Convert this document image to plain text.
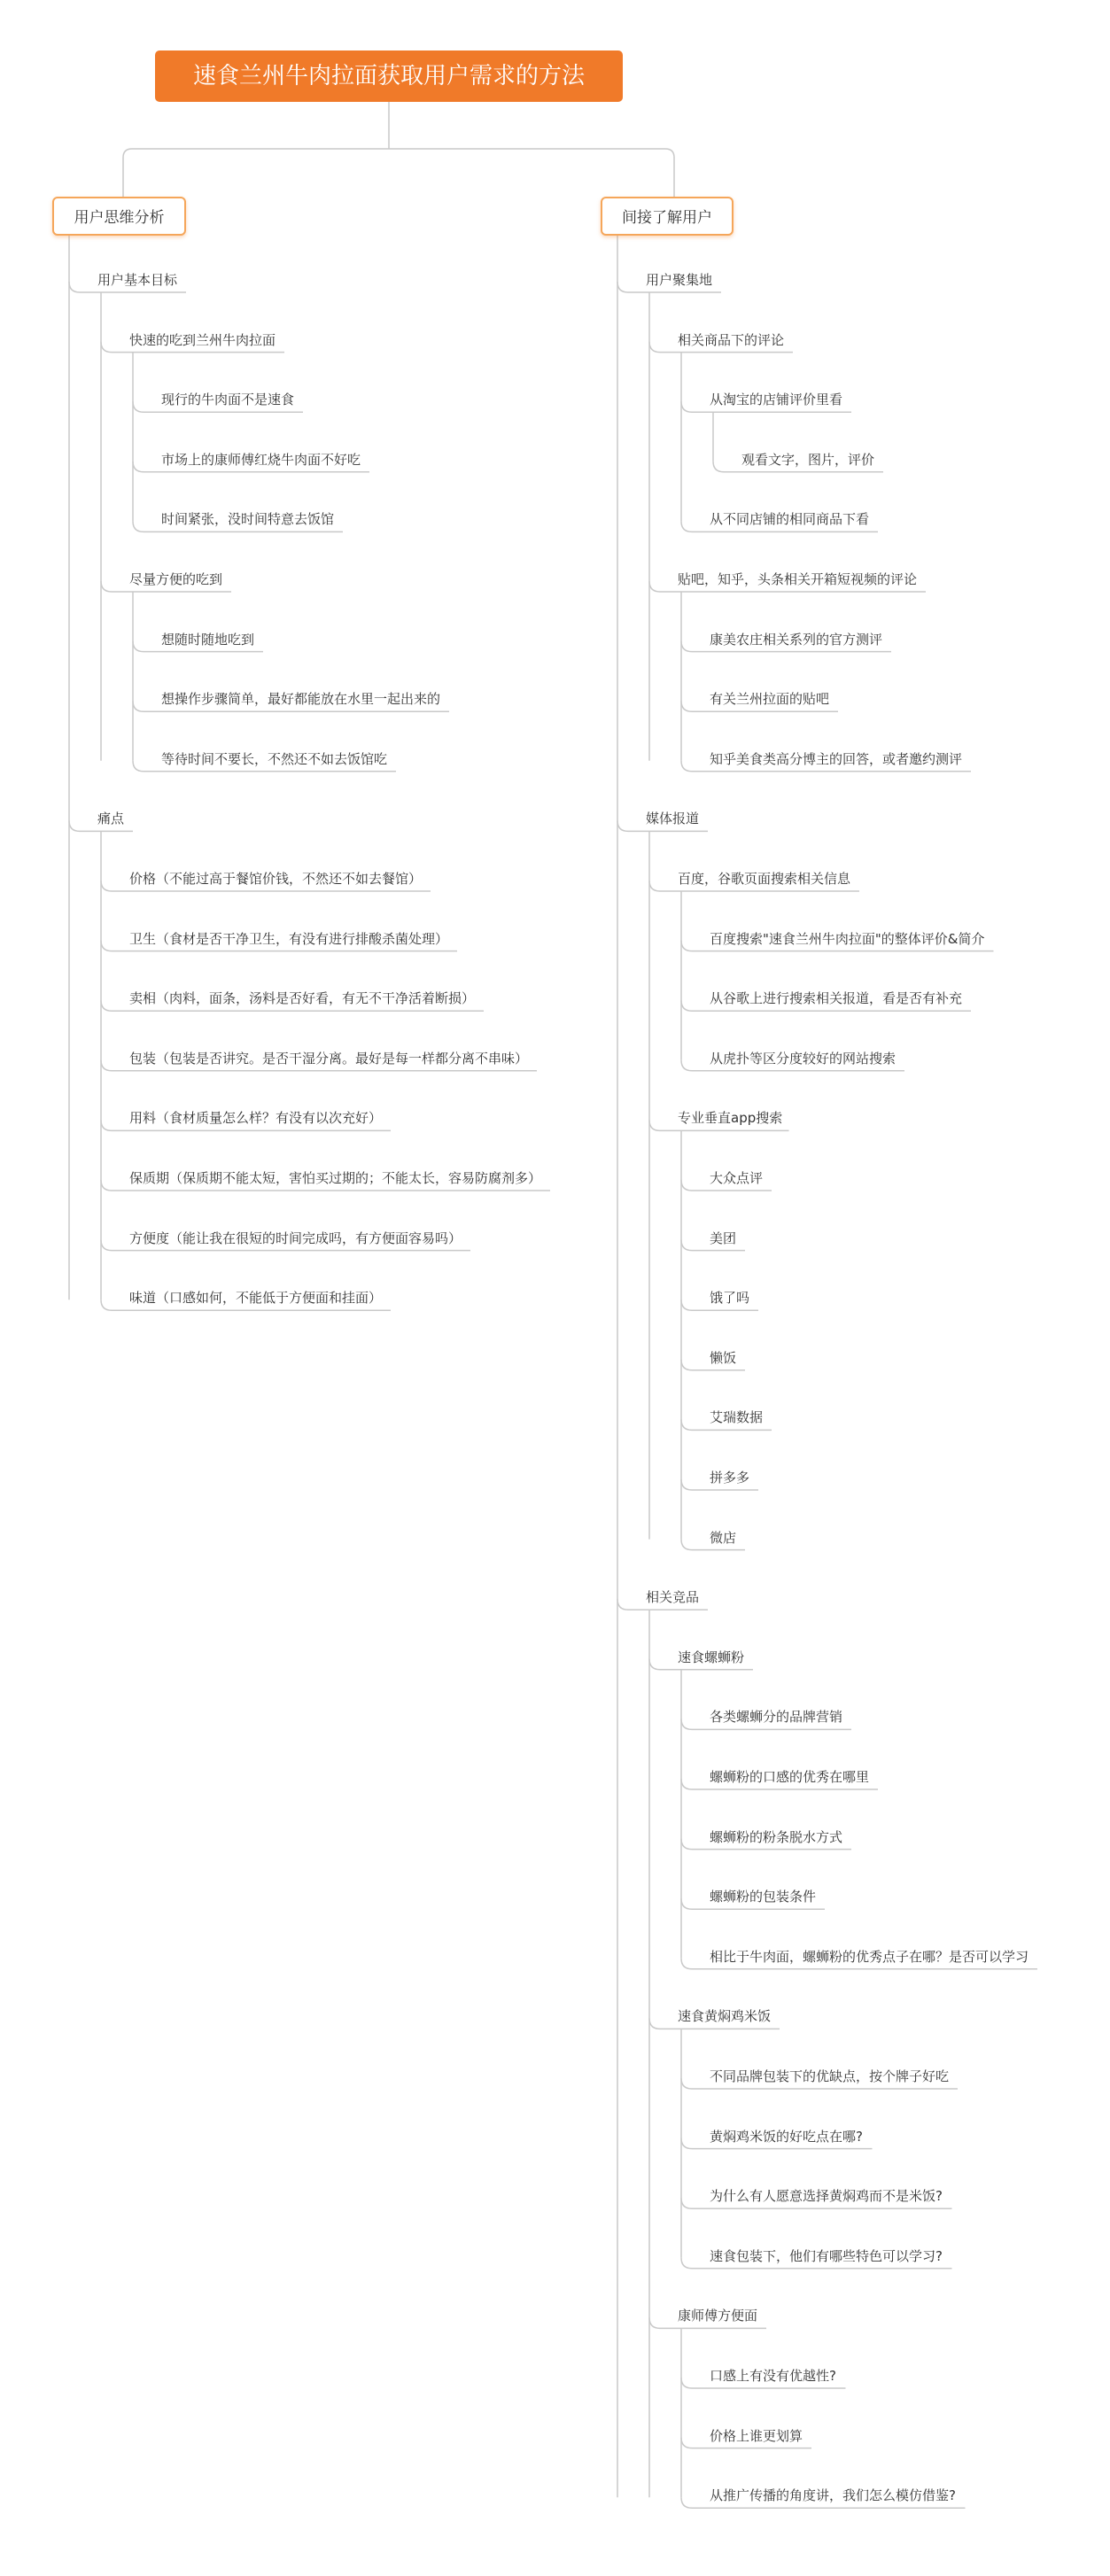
速食兰州牛肉拉面获取用户需求的方法
用户思维分析	间接了解用户
用户基本目标
快速的吃到兰州牛肉拉面
现行的牛肉面不是速食
市场上的康师傅红烧牛肉面不好吃
时间紧张，没时间特意去饭馆
尽量方便的吃到
想随时随地吃到
想操作步骤简单，最好都能放在水里一起出来的
等待时间不要长，不然还不如去饭馆吃
痛点
价格（不能过高于餐馆价钱，不然还不如去餐馆）
卫生（食材是否干净卫生，有没有进行排酸杀菌处理）
卖相（肉料，面条，汤料是否好看，有无不干净活着断损）
包装（包装是否讲究。是否干湿分离。最好是每一样都分离不串味）
用料（食材质量怎么样？有没有以次充好）
保质期（保质期不能太短，害怕买过期的；不能太长，容易防腐剂多）
方便度（能让我在很短的时间完成吗，有方便面容易吗）
味道（口感如何，不能低于方便面和挂面）
用户聚集地
相关商品下的评论
从淘宝的店铺评价里看
观看文字，图片，评价
从不同店铺的相同商品下看
贴吧，知乎，头条相关开箱短视频的评论
康美农庄相关系列的官方测评
有关兰州拉面的贴吧
知乎美食类高分博主的回答，或者邀约测评
媒体报道
百度，谷歌页面搜索相关信息
百度搜索"速食兰州牛肉拉面"的整体评价&简介
从谷歌上进行搜索相关报道，看是否有补充
从虎扑等区分度较好的网站搜索
专业垂直app搜索
大众点评
美团
饿了吗
懒饭
艾瑞数据
拼多多
微店
相关竞品
速食螺蛳粉
各类螺蛳分的品牌营销
螺蛳粉的口感的优秀在哪里
螺蛳粉的粉条脱水方式
螺蛳粉的包装条件
相比于牛肉面，螺蛳粉的优秀点子在哪？是否可以学习
速食黄焖鸡米饭
不同品牌包装下的优缺点，按个牌子好吃
黄焖鸡米饭的好吃点在哪?
为什么有人愿意选择黄焖鸡而不是米饭?
速食包装下，他们有哪些特色可以学习?
康师傅方便面
口感上有没有优越性?
价格上谁更划算
从推广传播的角度讲，我们怎么模仿借鉴?
